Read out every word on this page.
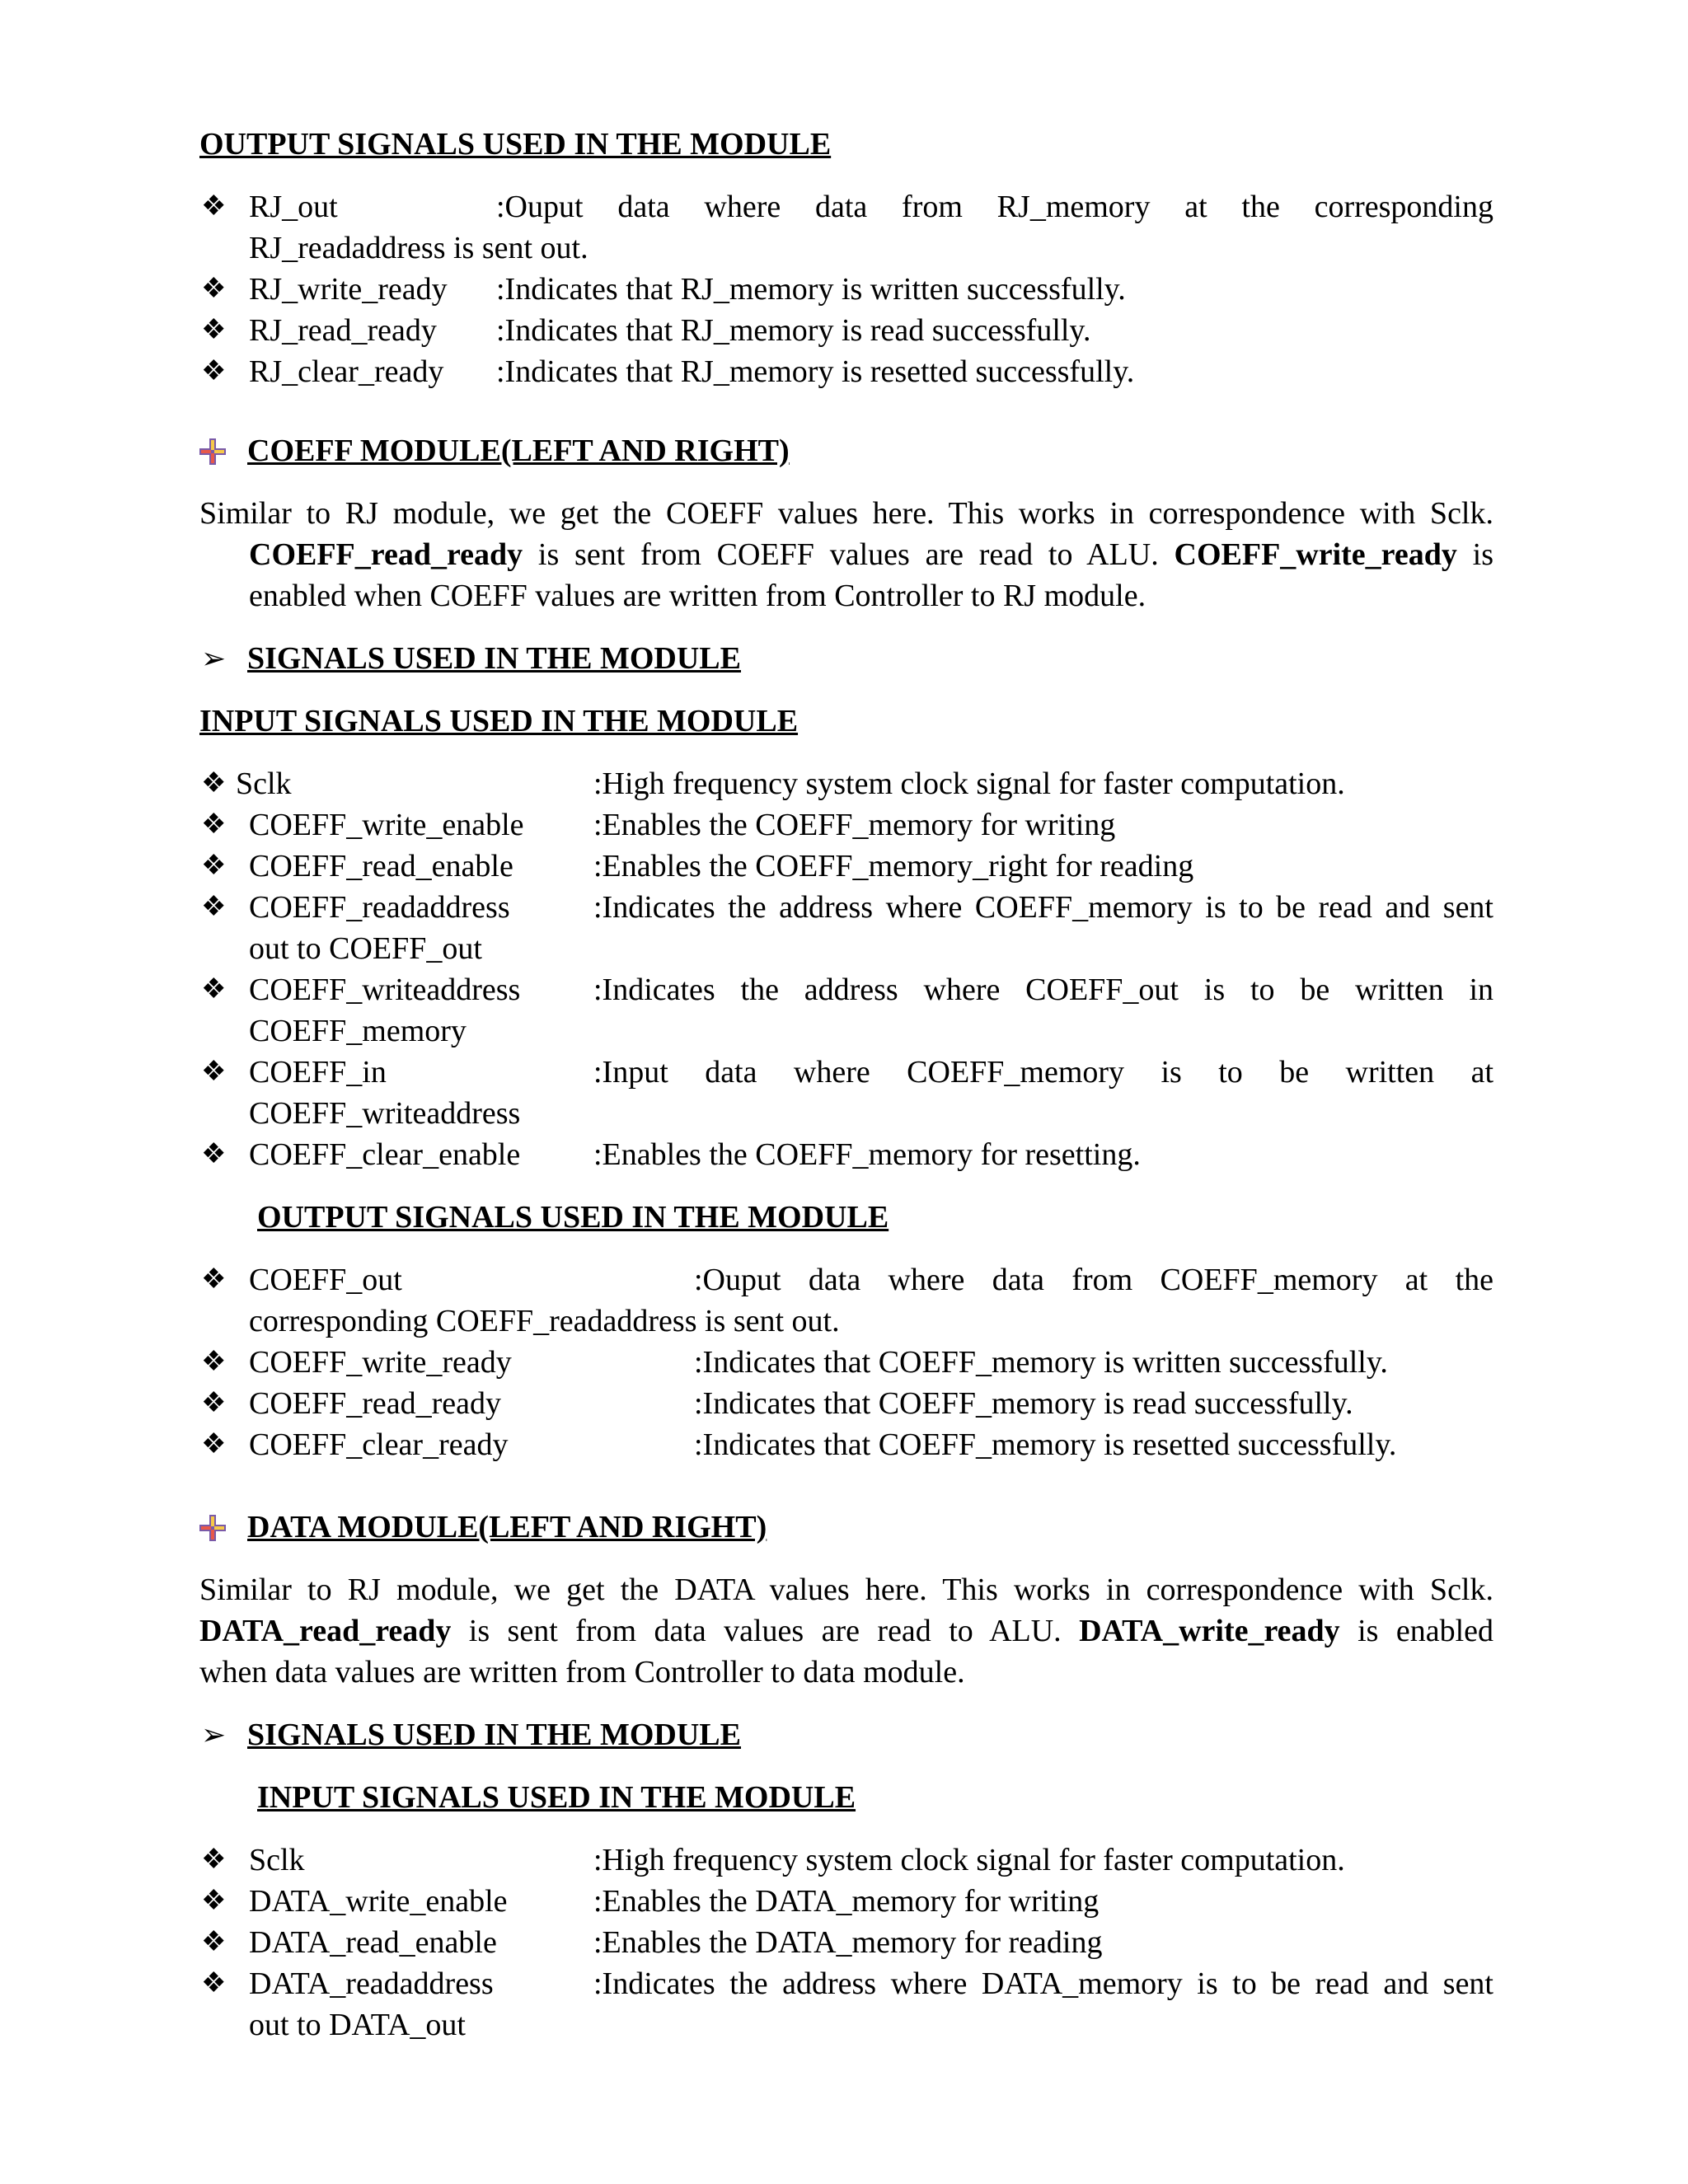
OUTPUT SIGNALS USED IN THE MODULE
❖ RJ_out	:Ouput data where data from RJ_memory at the corresponding
RJ_readaddress is sent out.
❖ RJ_write_ready :Indicates that RJ_memory is written successfully.
❖ RJ_read_ready :Indicates that RJ_memory is read successfully.
❖ RJ_clear_ready :Indicates that RJ_memory is resetted successfully.
COEFF MODULE(LEFT AND RIGHT)
Similar to RJ module, we get the COEFF values here. This works in correspondence with Sclk.
COEFF_read_ready is sent from COEFF values are read to ALU. COEFF_write_ready is
enabled when COEFF values are written from Controller to RJ module.
➢ SIGNALS USED IN THE MODULE
INPUT SIGNALS USED IN THE MODULE
❖ Sclk	:High frequency system clock signal for faster computation.
❖ COEFF_write_enable :Enables the COEFF_memory for writing
❖ COEFF_read_enable	:Enables the COEFF_memory_right for reading
❖ COEFF_readaddress	:Indicates the address where COEFF_memory is to be read and sent
out to COEFF_out
❖ COEFF_writeaddress :Indicates the address where COEFF_out is to be written in
COEFF_memory
❖ COEFF_in	:Input data where COEFF_memory is to be written at
COEFF_writeaddress
❖ COEFF_clear_enable :Enables the COEFF_memory for resetting.
OUTPUT SIGNALS USED IN THE MODULE
❖ COEFF_out	:Ouput data where data from COEFF_memory at the
corresponding COEFF_readaddress is sent out.
❖ COEFF_write_ready	:Indicates that COEFF_memory is written successfully.
❖ COEFF_read_ready	:Indicates that COEFF_memory is read successfully.
❖ COEFF_clear_ready	:Indicates that COEFF_memory is resetted successfully.
DATA MODULE(LEFT AND RIGHT)
Similar to RJ module, we get the DATA values here. This works in correspondence with Sclk.
DATA_read_ready is sent from data values are read to ALU. DATA_write_ready is enabled
when data values are written from Controller to data module.
➢ SIGNALS USED IN THE MODULE
INPUT SIGNALS USED IN THE MODULE
❖ Sclk	:High frequency system clock signal for faster computation.
❖ DATA_write_enable	:Enables the DATA_memory for writing
❖ DATA_read_enable	:Enables the DATA_memory for reading
❖ DATA_readaddress	:Indicates the address where DATA_memory is to be read and sent
out to DATA_out
